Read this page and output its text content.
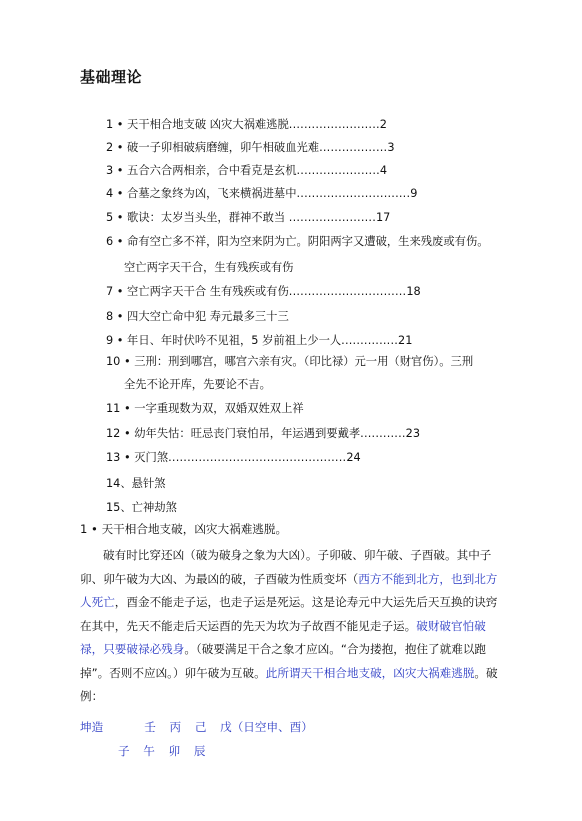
基础理论
1 • 天干相合地支破 凶灾大祸难逃脱........................2
2 • 破一子卯相破病磨缠，卯午相破血光难..................3
3 • 五合六合两相亲，合中看克是玄机......................4
4 • 合墓之象终为凶，飞来横祸进墓中..............................9
5 • 歌诀：太岁当头坐，群神不敢当 .......................17
6 • 命有空亡多不祥，阳为空来阴为亡。阴阳两字又遭破，生来残废或有伤。
空亡两字天干合，生有残疾或有伤
7 • 空亡两字天干合 生有残疾或有伤...............................18
8 • 四大空亡命中犯 寿元最多三十三
9 • 年日、年时伏吟不见祖，5 岁前祖上少一人...............21
10 • 三刑：刑到哪宫，哪宫六亲有灾。（印比禄）元一用（财官伤）。三刑
全先不论开库，先要论不吉。
11 • 一字重现数为双，双婚双姓双上祥
12 • 幼年失怙：旺忌丧门衰怕吊，年运遇到要戴孝............23
13 • 灭门煞...............................................24
14、悬针煞
15、亡神劫煞
1 • 天干相合地支破，凶灾大祸难逃脱。
破有时比穿还凶（破为破身之象为大凶）。子卯破、卯午破、子酉破。其中子卯、卯午破为大凶、为最凶的破，子酉破为性质变坏（西方不能到北方，也到北方人死亡，酉金不能走子运，也走子运是死运。这是论寿元中大运先后天互换的诀窍在其中，先天不能走后天运酉的先天为坎为子故酉不能见走子运。破财破官怕破禄，只要破禄必残身。（破要满足干合之象才应凶。“合为搂抱，抱住了就难以跑掉”。否则不应凶。）卯午破为互破。此所谓天干相合地支破，凶灾大祸难逃脱。破例：
坤造	壬 丙 己 戊（日空申、酉）
子 午 卯 辰
